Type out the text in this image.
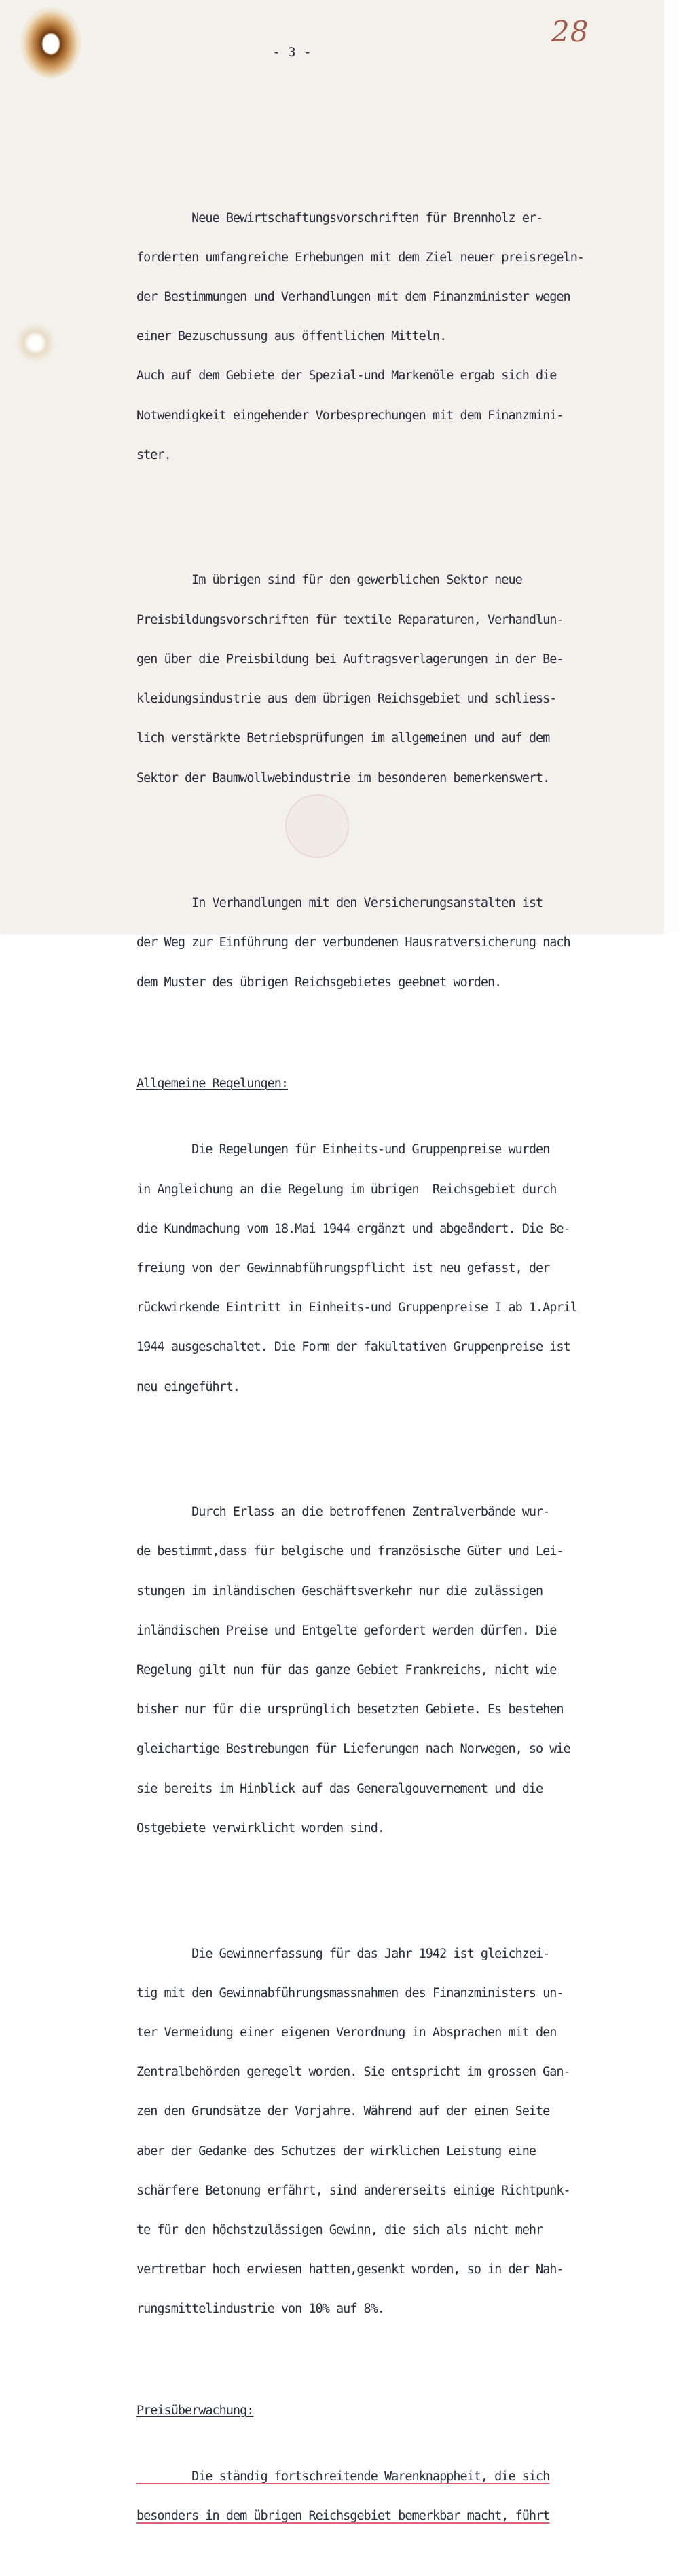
28
- 3 -

Neue Bewirtschaftungsvorschriften für Brennholz er-

forderten umfangreiche Erhebungen mit dem Ziel neuer preisregeln-

der Bestimmungen und Verhandlungen mit dem Finanzminister wegen

einer Bezuschussung aus öffentlichen Mitteln.

Auch auf dem Gebiete der Spezial-und Markenöle ergab sich die

Notwendigkeit eingehender Vorbesprechungen mit dem Finanzmini-

ster.

Im übrigen sind für den gewerblichen Sektor neue

Preisbildungsvorschriften für textile Reparaturen, Verhandlun-

gen über die Preisbildung bei Auftragsverlagerungen in der Be-

kleidungsindustrie aus dem übrigen Reichsgebiet und schliess-

lich verstärkte Betriebsprüfungen im allgemeinen und auf dem

Sektor der Baumwollwebindustrie im besonderen bemerkenswert.

In Verhandlungen mit den Versicherungsanstalten ist

der Weg zur Einführung der verbundenen Hausratversicherung nach

dem Muster des übrigen Reichsgebietes geebnet worden.

Allgemeine Regelungen:

Die Regelungen für Einheits-und Gruppenpreise wurden

in Angleichung an die Regelung im übrigen  Reichsgebiet durch

die Kundmachung vom 18.Mai 1944 ergänzt und abgeändert. Die Be-

freiung von der Gewinnabführungspflicht ist neu gefasst, der

rückwirkende Eintritt in Einheits-und Gruppenpreise I ab 1.April

1944 ausgeschaltet. Die Form der fakultativen Gruppenpreise ist

neu eingeführt.

Durch Erlass an die betroffenen Zentralverbände wur-

de bestimmt,dass für belgische und französische Güter und Lei-

stungen im inländischen Geschäftsverkehr nur die zulässigen

inländischen Preise und Entgelte gefordert werden dürfen. Die

Regelung gilt nun für das ganze Gebiet Frankreichs, nicht wie

bisher nur für die ursprünglich besetzten Gebiete. Es bestehen

gleichartige Bestrebungen für Lieferungen nach Norwegen, so wie

sie bereits im Hinblick auf das Generalgouvernement und die

Ostgebiete verwirklicht worden sind.

Die Gewinnerfassung für das Jahr 1942 ist gleichzei-

tig mit den Gewinnabführungsmassnahmen des Finanzministers un-

ter Vermeidung einer eigenen Verordnung in Absprachen mit den

Zentralbehörden geregelt worden. Sie entspricht im grossen Gan-

zen den Grundsätze der Vorjahre. Während auf der einen Seite

aber der Gedanke des Schutzes der wirklichen Leistung eine

schärfere Betonung erfährt, sind andererseits einige Richtpunk-

te für den höchstzulässigen Gewinn, die sich als nicht mehr

vertretbar hoch erwiesen hatten,gesenkt worden, so in der Nah-

rungsmittelindustrie von 10% auf 8%.

Preisüberwachung:

Die ständig fortschreitende Warenknappheit, die sich

besonders in dem übrigen Reichsgebiet bemerkbar macht, führt
